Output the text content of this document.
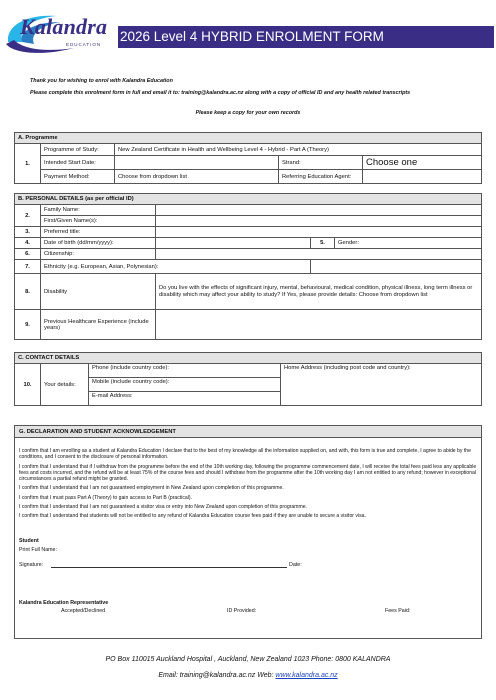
Kalandra
EDUCATION
2026 Level 4 HYBRID ENROLMENT FORM
Thank you for wishing to enrol with Kalandra Education
Please complete this enrolment form in full and email it to: training@kalandra.ac.nz along with a copy of official ID and any health related transcripts
Please keep a copy for your own records
A. Programme				
1.	Programme of Study:	New Zealand Certificate in Health and Wellbeing Level 4 - Hybrid - Part A (Theory)		
	Intended Start Date:		Strand:	Choose one
	Payment Method:	Choose from dropdown list	Referring Education Agent:	
B. PERSONAL DETAILS (as per official ID)				
2.	Family Name:			
	First/Given Name(s):			
3.	Preferred title:			
4.	Date of birth (dd/mm/yyyy):		5.	Gender:
6.	Citizenship:			
7.	Ethnicity (e.g. European, Asian, Polynesian):			
8.	Disability	Do you live with the effects of significant injury, mental, behavioural, medical condition, physical illness, long term illness or disability which may affect your ability to study? If Yes, please provide details: Choose from dropdown list		
9.	Previous Healthcare Experience (include years)			
C. CONTACT DETAILS
10.	Your details:	Phone (include country code):	Home Address (including post code and country):
Mobile (include country code):
E-mail Address:
G. DECLARATION AND STUDENT ACKNOWLEDGEMENT

I confirm that I am enrolling as a student at Kalandra Education I declare that to the best of my knowledge all the information supplied on, and with, this form is true and complete, I agree to abide by the conditions, and I consent to the disclosure of personal information.

I confirm that I understand that if I withdraw from the programme before the end of the 10th working day, following the programme commencement date, I will receive the total fees paid less any applicable fees and costs incurred, and the refund will be at least 75% of the course fees and should I withdraw from the programme after the 10th working day I am not entitled to any refund; however in exceptional circumstances a partial refund might be granted.

I confirm that I understand that I am not guaranteed employment in New Zealand upon completion of this programme.

I confirm that I must pass Part A (Theory) to gain access to Part B (practical).

I confirm that I understand that I am not guaranteed a visitor visa or entry into New Zealand upon completion of this programme.

I confirm that I understand that students will not be entitled to any refund of Kalandra Education course fees paid if they are unable to secure a visitor visa.

Student
Print Full Name:
Signature:	Date:
Kalandra Education Representative
Accepted/Declined	ID Provided:	Fees Paid:
PO Box 110015 Auckland Hospital , Auckland, New Zealand 1023 Phone: 0800 KALANDRA
Email: training@kalandra.ac.nz Web: www.kalandra.ac.nz
